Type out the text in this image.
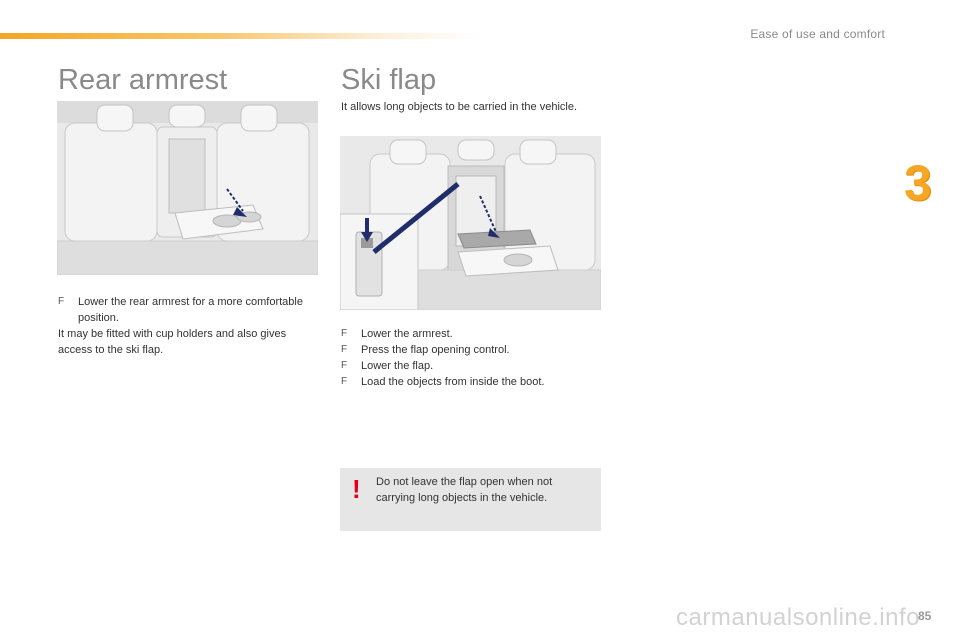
Ease of use and comfort
3
Rear armrest	Ski flap
It allows long objects to be carried in the vehicle.
F	Lower the rear armrest for a more comfortable position.
It may be fitted with cup holders and also gives access to the ski flap.
F	Lower the armrest.
F	Press the flap opening control.
F	Lower the flap.
F	Load the objects from inside the boot.
! Do not leave the flap open when not carrying long objects in the vehicle.
85
carmanualsonline.info
